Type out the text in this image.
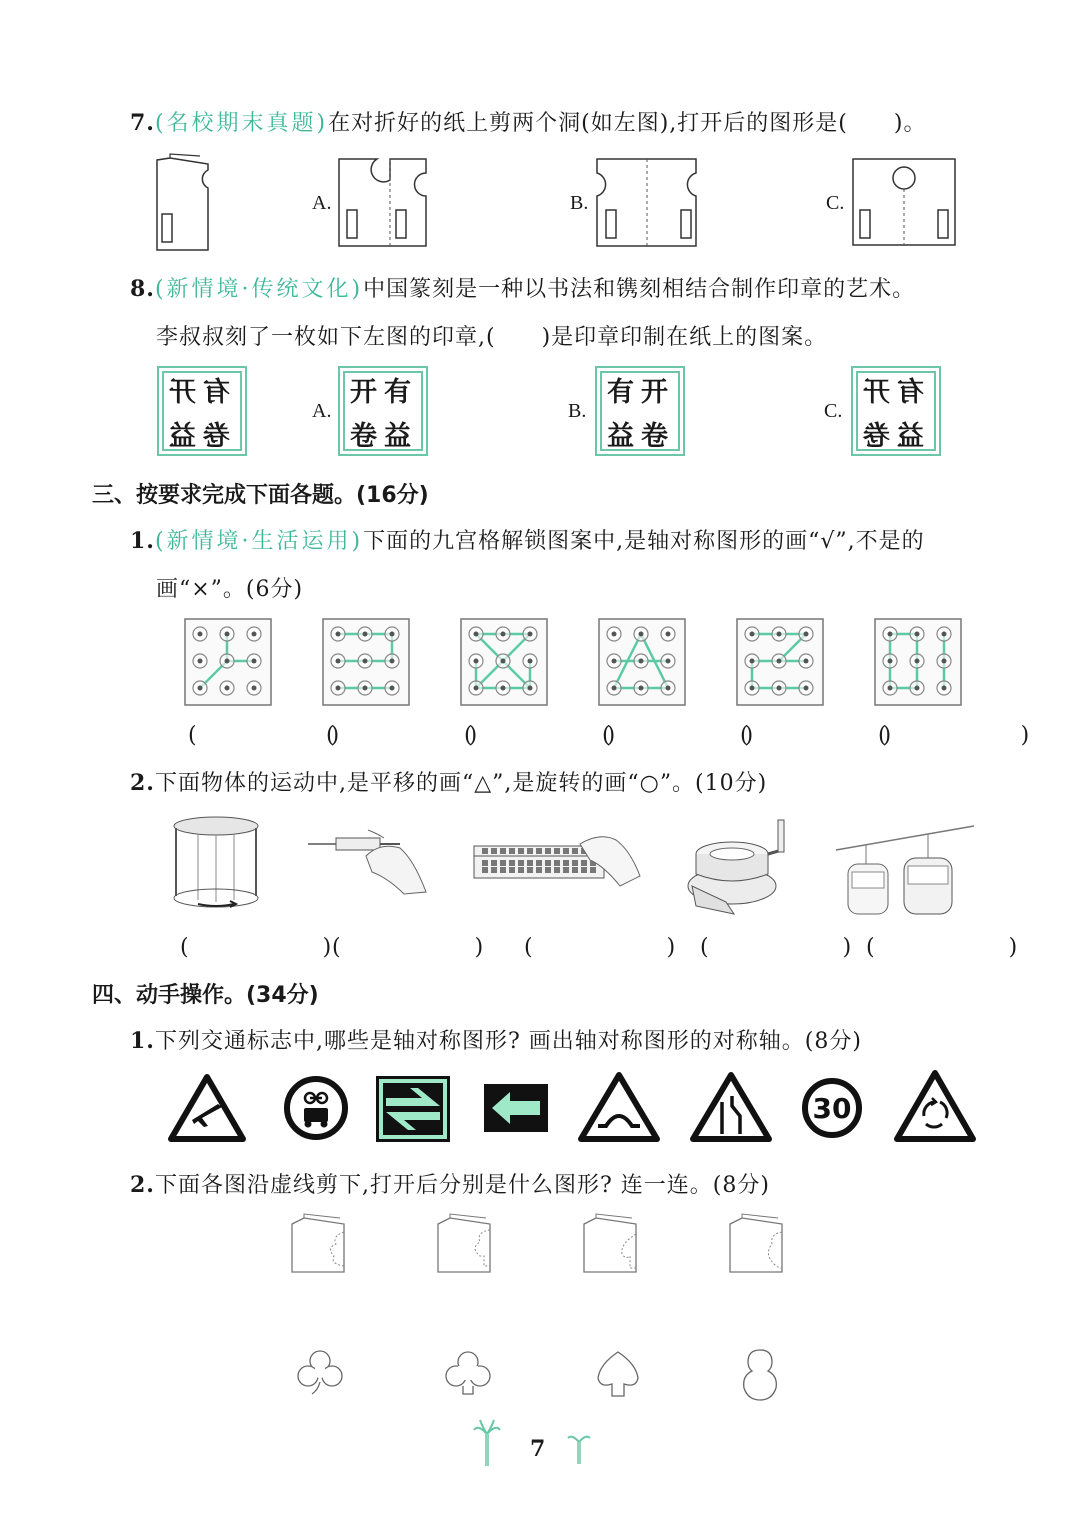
7.(名校期末真题)在对折好的纸上剪两个洞(如左图),打开后的图形是(　　)。
A.	B.	C.
8.(新情境·传统文化)中国篆刻是一种以书法和镌刻相结合制作印章的艺术。
李叔叔刻了一枚如下左图的印章,(　　)是印章印制在纸上的图案。
开 有
益 卷
A.
开 有
卷 益
B.
有 开
益 卷
C.
开 有
卷 益
三、按要求完成下面各题。(16分)
1.(新情境·生活运用)下面的九宫格解锁图案中,是轴对称图形的画“√”,不是的
画“×”。(6分)
(　　)
(　　)
(　　)
(　　)
(　　)
(　　)
2.下面物体的运动中,是平移的画“△”,是旋转的画“○”。(10分)
(　　)
(　　) (　　)
(　　)
(　　)
四、动手操作。(34分)
1.下列交通标志中,哪些是轴对称图形? 画出轴对称图形的对称轴。(8分)
30
2.下面各图沿虚线剪下,打开后分别是什么图形? 连一连。(8分)
7
